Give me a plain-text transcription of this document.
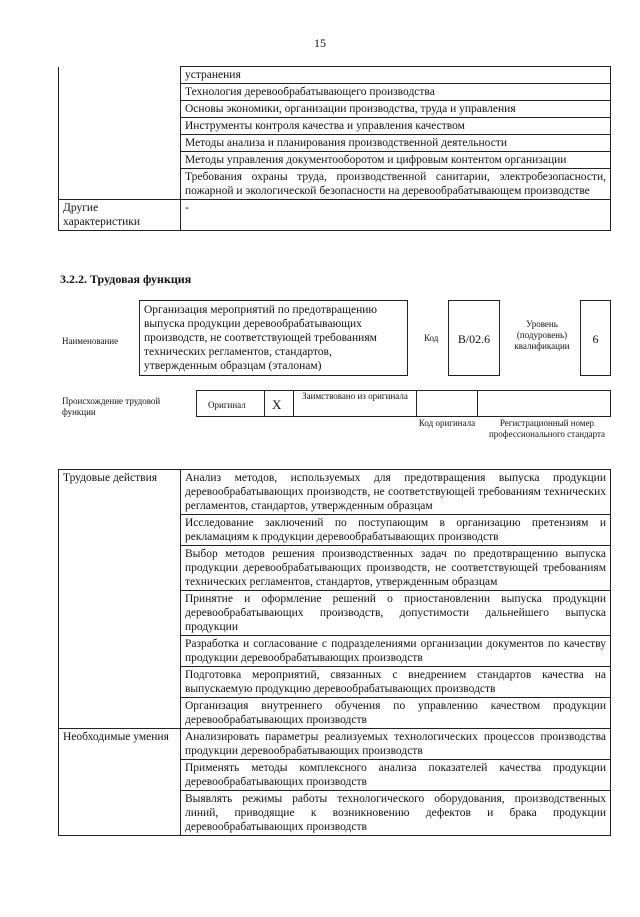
15
	устранения
	Технология деревообрабатывающего производства
	Основы экономики, организации производства, труда и управления
	Инструменты контроля качества и управления качеством
	Методы анализа и планирования производственной деятельности
	Методы управления документооборотом и цифровым контентом организации
	Требования охраны труда, производственной санитарии, электробезопасности, пожарной и экологической безопасности на деревообрабатывающем производстве
Другие характеристики	-
3.2.2. Трудовая функция
Наименование
Организация мероприятий по предотвращению выпуска продукции деревообрабатывающих производств, не соответствующей требованиям технических регламентов, стандартов, утвержденным образцам (эталонам)
Код	B/02.6
Уровень (подуровень) квалификации	6
Происхождение трудовой функции
Оригинал X
Заимствовано из оригинала
Код оригинала	Регистрационный номер профессионального стандарта
Трудовые действия	Анализ методов, используемых для предотвращения выпуска продукции деревообрабатывающих производств, не соответствующей требованиям технических регламентов, стандартов, утвержденным образцам
	Исследование заключений по поступающим в организацию претензиям и рекламациям к продукции деревообрабатывающих производств
	Выбор методов решения производственных задач по предотвращению выпуска продукции деревообрабатывающих производств, не соответствующей требованиям технических регламентов, стандартов, утвержденным образцам
	Принятие и оформление решений о приостановлении выпуска продукции деревообрабатывающих производств, допустимости дальнейшего выпуска продукции
	Разработка и согласование с подразделениями организации документов по качеству продукции деревообрабатывающих производств
	Подготовка мероприятий, связанных с внедрением стандартов качества на выпускаемую продукцию деревообрабатывающих производств
	Организация внутреннего обучения по управлению качеством продукции деревообрабатывающих производств
Необходимые умения	Анализировать параметры реализуемых технологических процессов производства продукции деревообрабатывающих производств
	Применять методы комплексного анализа показателей качества продукции деревообрабатывающих производств
	Выявлять режимы работы технологического оборудования, производственных линий, приводящие к возникновению дефектов и брака продукции деревообрабатывающих производств
